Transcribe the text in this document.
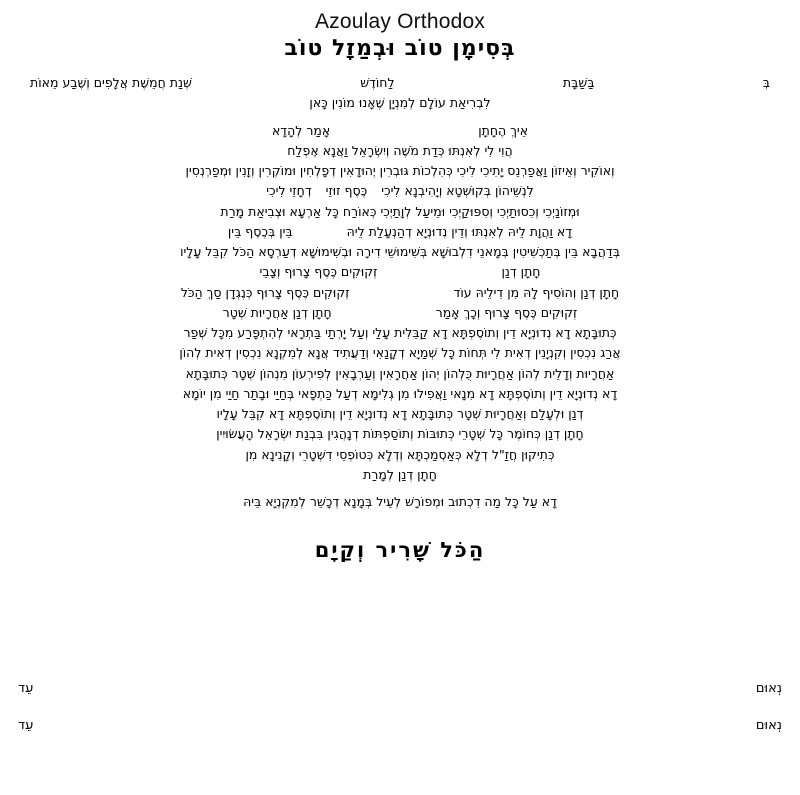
Azoulay Orthodox
בְּסִימָן טוֹב וּבְמַזָל טוֹב
בְּ
בַּשַׁבָּת
לַחוֹדֶשׁ
שְׁנַת חֲמֵשֶׁת אֲלָפִים וְשֶׁבַע מֵאוֹת
לִבְרִיאַת עוֹלָם לְמִנְיָן שֶׁאָנוּ מוֹנִין כָּאן
אֵיךְ הֶחָתָן
אָמַר לְהָדָא
הֲוִי לִי לְאִנְתּוּ כְּדַת מֹשֶׁה וְיִשְׂרָאֵל וַאֲנָא אֶפְלַח
וְאוֹקִיר וְאֵיזוֹן וַאֲפַרְנֵס יָתִיכִי לִיכִי כְּהִלְכוֹת גּוּבְרִין יְהוּדָאִין דְפָלְחִין וּמוֹקְרִין וְזָנִין וּמְפַרְנְסִין
לִנְשֵׁיהוֹן בְּקוּשְׁטָא וְיָהִיבְנָא לִיכִי
כֶּסֶף זוּזֵי
דְחָזֵי לִיכִי
וּמְזוֹנַיְכִי וְכִסוּתַיְכִי וְסִפּוּקַיְכִי וּמֵיעַל לְוָתַיְכִי כְּאוֹרַח כָּל אַרְעָא וּצְבִיאַת מָרַת
דָא וַהֲוָת לֵיהּ לְאִנְתּוּ וְדֵין נְדוּנְיָא דְהַנְעָלַת לֵיהּ
בֵּין בְּכֶסֶף בֵּין
בְּדַהֲבָא בֵּין בְּתַכְשִׁיטִין בְּמָאנֵי דִלְבוּשָׁא בְּשִׁימוּשֵׁי דִירָה וּבְשִׁימוּשָׁא דְעַרְסָא הַכֹּל קִבֵּל עָלָיו
חָתָן דְנַן
זְקוּקִים כֶּסֶף צָרוּף וְצָבֵי
חָתָן דְנַן וְהוֹסִיף לָהּ מִן דִילֵיהּ עוֹד
זְקוּקִים כֶּסֶף צָרוּף כְּנֶגְדָן סַךְ הַכֹּל
זְקוּקִים כֶּסֶף צָרוּף וְכָךְ אָמַר
חָתָן דְנַן אַחֲרָיוּת שְׁטָר
כְּתוּבָּתָא דָא נְדוּנְיָא דֵין וְתוֹסֶפְתָּא דָא קַבֵּלִית עָלַי וְעַל יָרְתַי בַּתְרָאי לְהִתְפָּרַע מִכָּל שְׁפַר
אֲרַג נִכְסִין וְקִנְיָנִין דְאִית לִי תְּחוֹת כָּל שְׁמַיָא דְקָנַאִי וְדַעֲתִיד אֲנָא לְמִקְנָא נִכְסִין דְאִית לְהוֹן
אַחֲרָיוּת וְדָלֵית לְהוֹן אַחֲרָיוּת כֻּלְהוֹן יְהוֹן אַחֲרָאִין וְעַרְבָאִין לְפִירְעוֹן מִנְהוֹן שְׁטָר כְּתוּבָּתָא
דָא נְדוּנְיָא דֵין וְתוֹסֶפְתָּא דָא מִנָאי וַאֲפִילוּ מִן גְלִימָא דְעַל כַּתְפָאי בְּחַיַי וּבָתַר חַיַי מִן יוֹמָא
דְנַן וּלְעָלַם וְאַחֲרָיוּת שְׁטָר כְּתוּבָּתָא דָא נְדוּנְיָא דֵין וְתוֹסֶפְתָּא דָא קִבֵּל עָלָיו
חָתָן דְנַן כְּחוֹמֶר כָּל שְׁטָרֵי כְּתוּבּוֹת וְתוֹסַפְתּוֹת דְנָהֲגִין בִּבְנַת יִשְׂרָאֵל הָעֲשׂוּיִין
כְּתִיקוּן חֲזַ"ל דְלָא כְּאַסְמַכְתָּא וְדְלָא כְּטוֹפְסֵי דִשְׁטָרֵי וְקָנִינָא מִן
חָתָן דְנַן לְמָרַת
דָא עַל כָּל מַה דִכְתוּב וּמְפוֹרָשׁ לְעֵיל בְּמָנָא דְכָשֵׁר לְמִקְנְיָא בֵּיהּ
הַכֹּל שָׁרִיר וְקַיָם
נְאוּם
עֵד
נְאוּם
עֵד
